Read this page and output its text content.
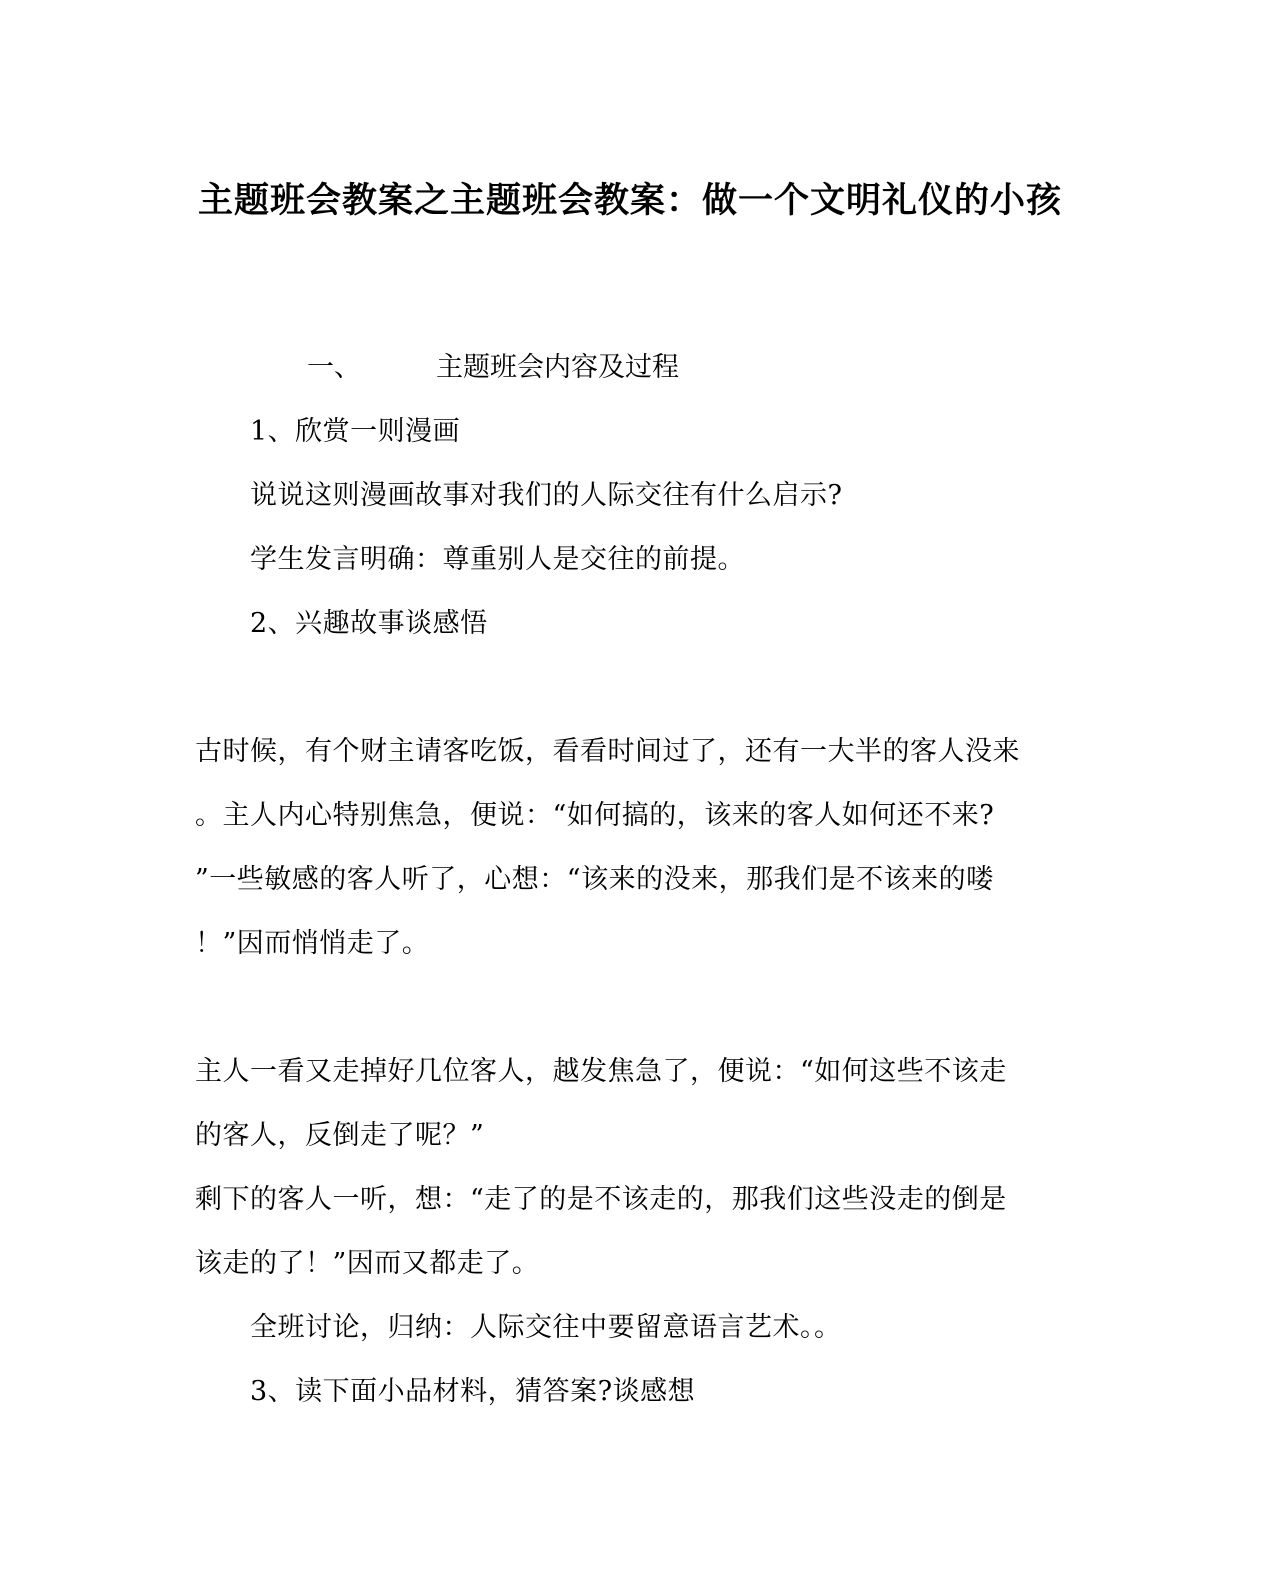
主题班会教案之主题班会教案：做一个文明礼仪的小孩
一、	主题班会内容及过程
1、欣赏一则漫画
说说这则漫画故事对我们的人际交往有什么启示?
学生发言明确：尊重别人是交往的前提。
2、兴趣故事谈感悟
古时候，有个财主请客吃饭，看看时间过了，还有一大半的客人没来
。主人内心特别焦急，便说：“如何搞的，该来的客人如何还不来?
”一些敏感的客人听了，心想：“该来的没来，那我们是不该来的喽
！”因而悄悄走了。
主人一看又走掉好几位客人，越发焦急了，便说：“如何这些不该走
的客人，反倒走了呢？”
剩下的客人一听，想：“走了的是不该走的，那我们这些没走的倒是
该走的了！”因而又都走了。
全班讨论，归纳：人际交往中要留意语言艺术。。
3、读下面小品材料，猜答案?谈感想
